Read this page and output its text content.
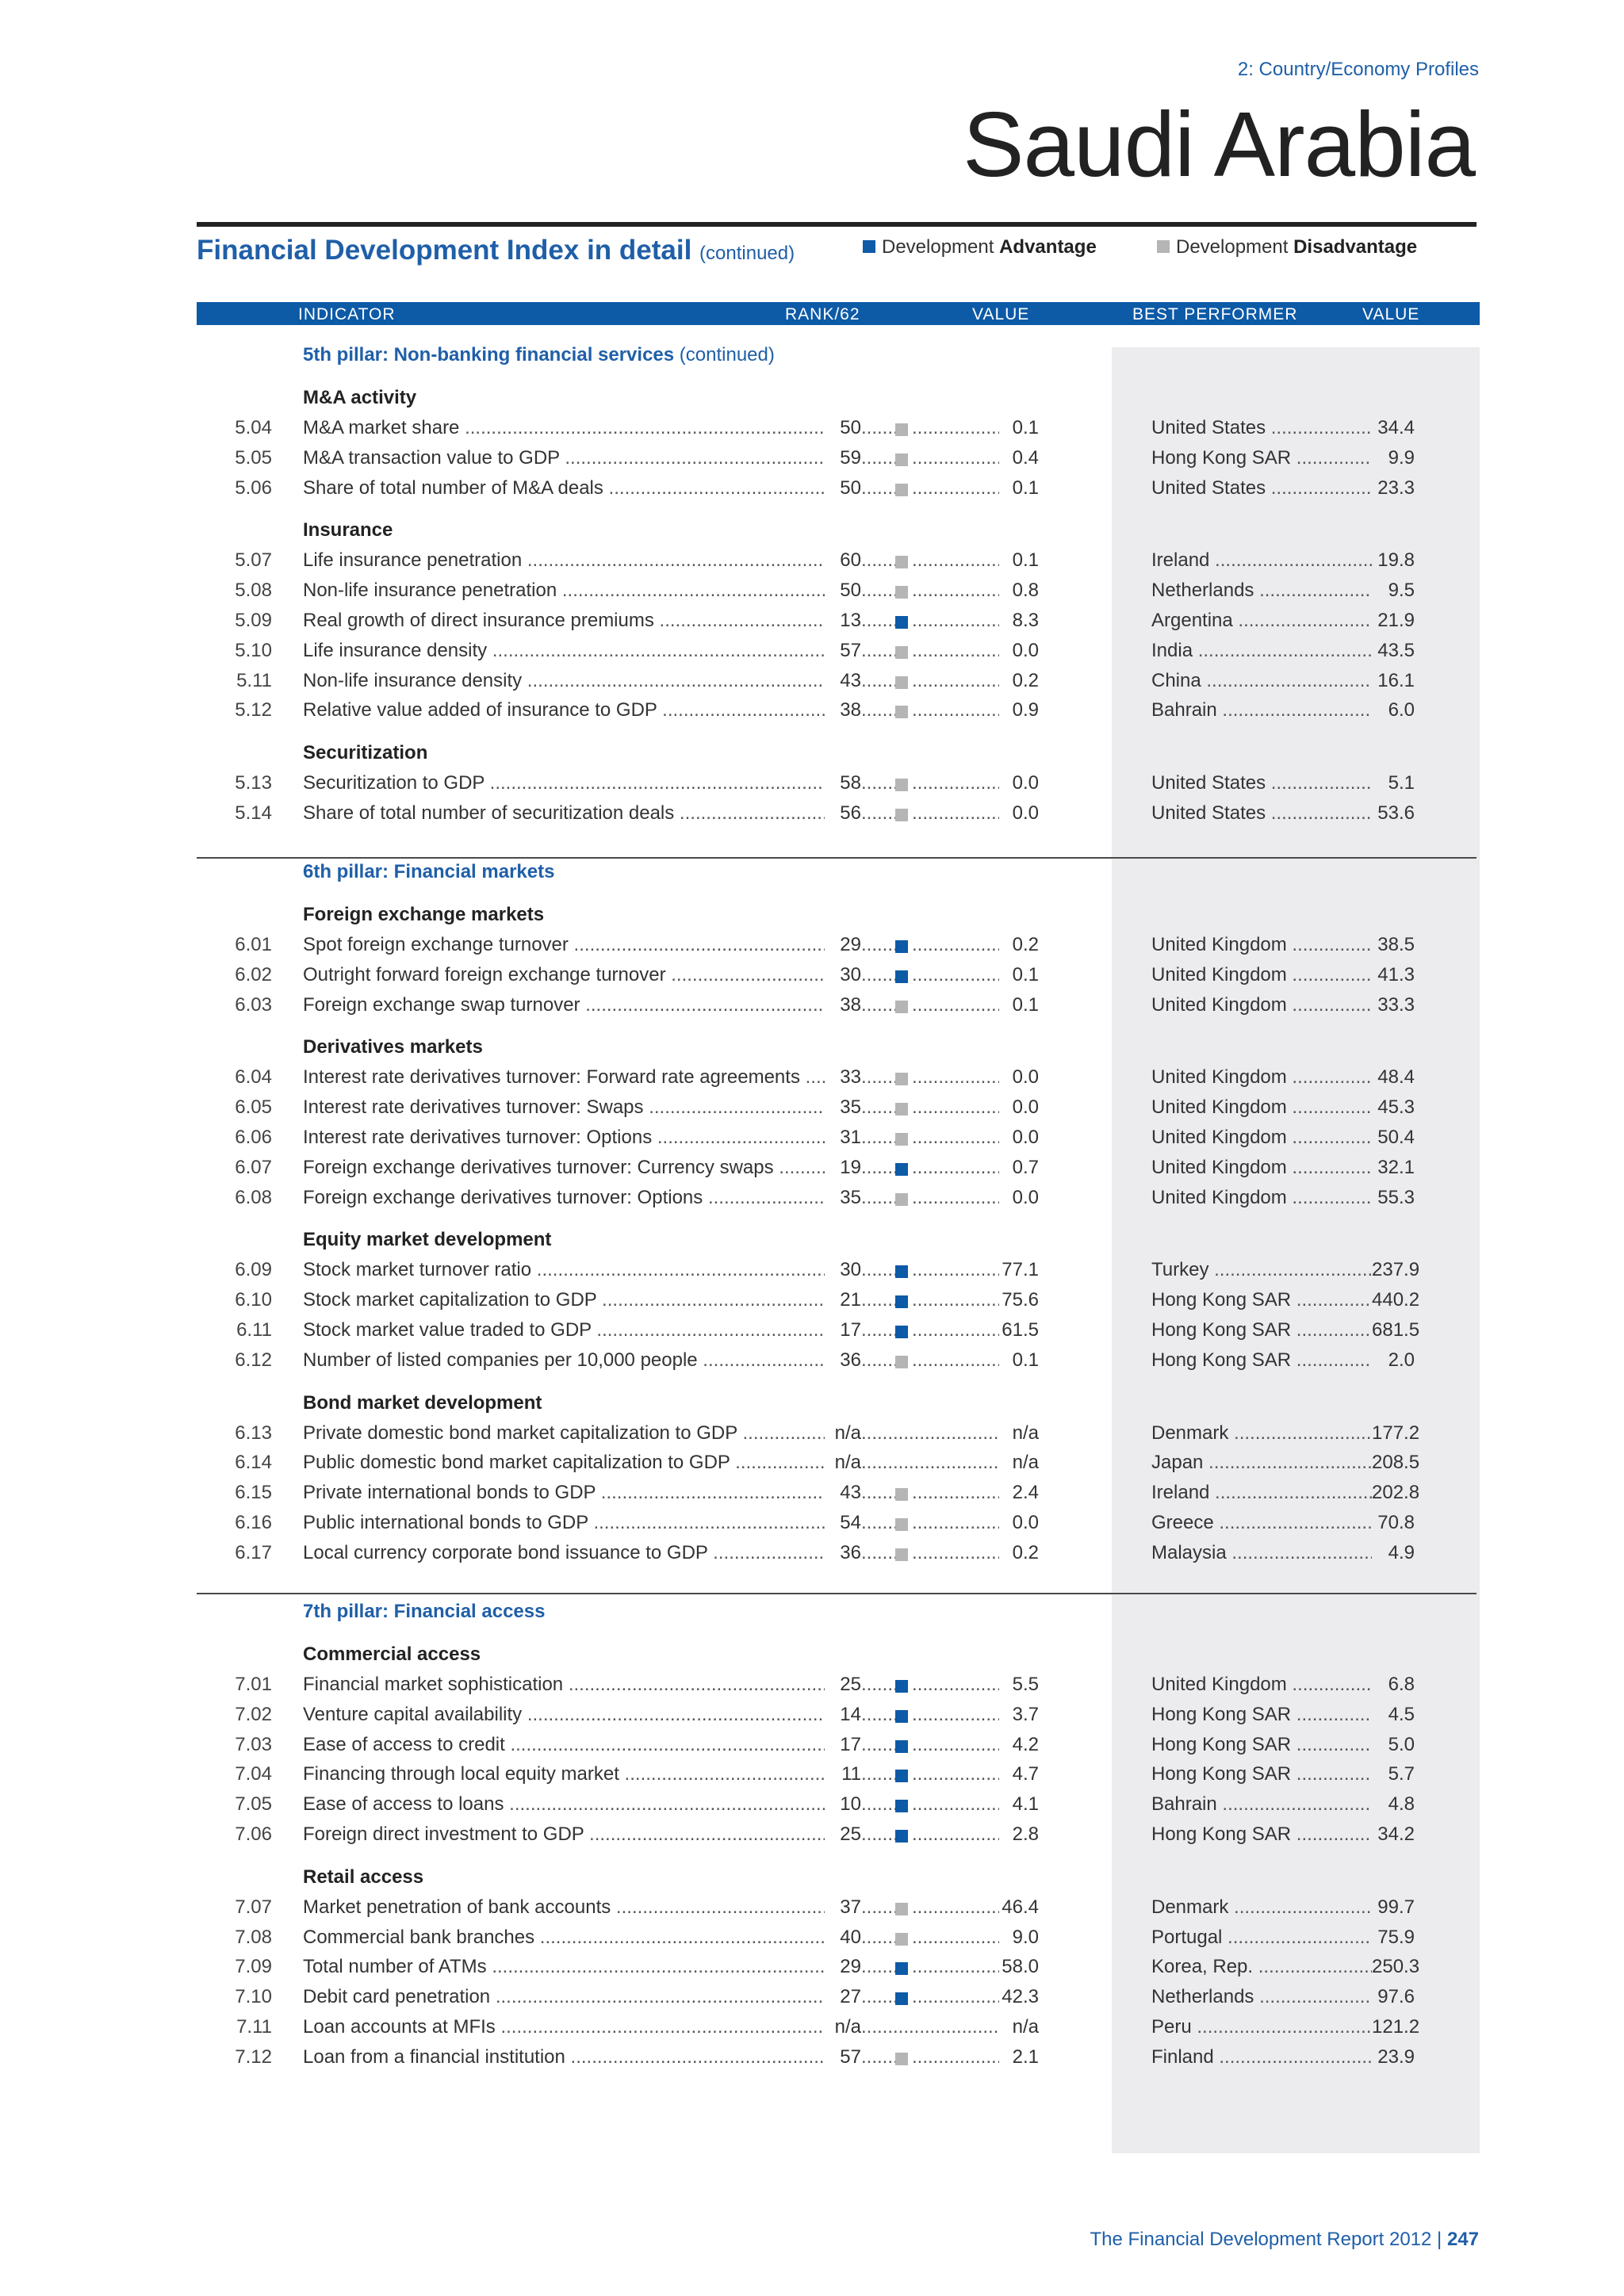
2: Country/Economy Profiles
Saudi Arabia
Financial Development Index in detail (continued)	Development Advantage	Development Disadvantage
INDICATOR	RANK/62	VALUE	BEST PERFORMER	VALUE
5th pillar: Non-banking financial services (continued)
M&A activity
5.04 M&A market share .....	50 ..... .....	0.1	United States .....	34.4
5.05 M&A transaction value to GDP .....	59 ..... .....	0.4	Hong Kong SAR .....	9.9
5.06 Share of total number of M&A deals .....	50 ..... .....	0.1	United States .....	23.3
Insurance
5.07 Life insurance penetration .....	60 ..... .....	0.1	Ireland .....	19.8
5.08 Non-life insurance penetration .....	50 ..... .....	0.8	Netherlands .....	9.5
5.09 Real growth of direct insurance premiums .....	13 ..... .....	8.3	Argentina .....	21.9
5.10 Life insurance density .....	57 ..... .....	0.0	India .....	43.5
5.11 Non-life insurance density .....	43 ..... .....	0.2	China .....	16.1
5.12 Relative value added of insurance to GDP .....	38 ..... .....	0.9	Bahrain .....	6.0
Securitization
5.13 Securitization to GDP .....	58 ..... .....	0.0	United States .....	5.1
5.14 Share of total number of securitization deals .....	56 ..... .....	0.0	United States .....	53.6
6th pillar: Financial markets
Foreign exchange markets
6.01 Spot foreign exchange turnover .....	29 ..... .....	0.2	United Kingdom .....	38.5
6.02 Outright forward foreign exchange turnover .....	30 ..... .....	0.1	United Kingdom .....	41.3
6.03 Foreign exchange swap turnover .....	38 ..... .....	0.1	United Kingdom .....	33.3
Derivatives markets
6.04 Interest rate derivatives turnover: Forward rate agreements .....	33 ..... .....	0.0	United Kingdom .....	48.4
6.05 Interest rate derivatives turnover: Swaps .....	35 ..... .....	0.0	United Kingdom .....	45.3
6.06 Interest rate derivatives turnover: Options .....	31 ..... .....	0.0	United Kingdom .....	50.4
6.07 Foreign exchange derivatives turnover: Currency swaps .....	19 ..... .....	0.7	United Kingdom .....	32.1
6.08 Foreign exchange derivatives turnover: Options .....	35 ..... .....	0.0	United Kingdom .....	55.3
Equity market development
6.09 Stock market turnover ratio .....	30 ..... .....	77.1	Turkey .....	237.9
6.10 Stock market capitalization to GDP .....	21 ..... .....	75.6	Hong Kong SAR .....	440.2
6.11 Stock market value traded to GDP .....	17 ..... .....	61.5	Hong Kong SAR .....	681.5
6.12 Number of listed companies per 10,000 people .....	36 ..... .....	0.1	Hong Kong SAR .....	2.0
Bond market development
6.13 Private domestic bond market capitalization to GDP .....	n/a .....	n/a	Denmark .....	177.2
6.14 Public domestic bond market capitalization to GDP .....	n/a .....	n/a	Japan .....	208.5
6.15 Private international bonds to GDP .....	43 ..... .....	2.4	Ireland .....	202.8
6.16 Public international bonds to GDP .....	54 ..... .....	0.0	Greece .....	70.8
6.17 Local currency corporate bond issuance to GDP .....	36 ..... .....	0.2	Malaysia .....	4.9
7th pillar: Financial access
Commercial access
7.01 Financial market sophistication .....	25 ..... .....	5.5	United Kingdom .....	6.8
7.02 Venture capital availability .....	14 ..... .....	3.7	Hong Kong SAR .....	4.5
7.03 Ease of access to credit .....	17 ..... .....	4.2	Hong Kong SAR .....	5.0
7.04 Financing through local equity market .....	11 ..... .....	4.7	Hong Kong SAR .....	5.7
7.05 Ease of access to loans .....	10 ..... .....	4.1	Bahrain .....	4.8
7.06 Foreign direct investment to GDP .....	25 ..... .....	2.8	Hong Kong SAR .....	34.2
Retail access
7.07 Market penetration of bank accounts .....	37 ..... .....	46.4	Denmark .....	99.7
7.08 Commercial bank branches .....	40 ..... .....	9.0	Portugal .....	75.9
7.09 Total number of ATMs .....	29 ..... .....	58.0	Korea, Rep. .....	250.3
7.10 Debit card penetration .....	27 ..... .....	42.3	Netherlands .....	97.6
7.11 Loan accounts at MFIs .....	n/a .....	n/a	Peru .....	121.2
7.12 Loan from a financial institution .....	57 ..... .....	2.1	Finland .....	23.9
The Financial Development Report 2012 | 247
